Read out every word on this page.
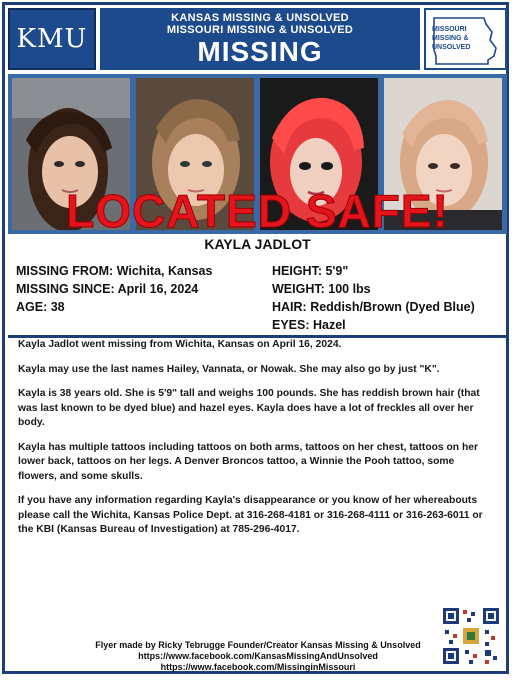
KMU
KANSAS MISSING & UNSOLVED
MISSOURI MISSING & UNSOLVED
MISSING
MISSOURI
MISSING &
UNSOLVED
LOCATED SAFE!
KAYLA JADLOT
MISSING FROM: Wichita, Kansas
MISSING SINCE: April 16, 2024
AGE: 38
HEIGHT: 5'9"
WEIGHT: 100 lbs
HAIR: Reddish/Brown (Dyed Blue)
EYES: Hazel

Kayla Jadlot went missing from Wichita, Kansas on April 16, 2024.

Kayla may use the last names Hailey, Vannata, or Nowak. She may also go by just "K".

Kayla is 38 years old. She is 5'9" tall and weighs 100 pounds. She has reddish brown hair (that was last known to be dyed blue) and hazel eyes. Kayla does have a lot of freckles all over her body.

Kayla has multiple tattoos including tattoos on both arms, tattoos on her chest, tattoos on her lower back, tattoos on her legs. A Denver Broncos tattoo, a Winnie the Pooh tattoo, some flowers, and some skulls.

If you have any information regarding Kayla's disappearance or you know of her whereabouts please call the Wichita, Kansas Police Dept. at 316-268-4181 or 316-268-4111 or 316-263-6011 or the KBI (Kansas Bureau of Investigation) at 785-296-4017.

Flyer made by Ricky Tebrugge Founder/Creator Kansas Missing & Unsolved
https://www.facebook.com/KansasMissingAndUnsolved
https://www.facebook.com/MissinginMissouri
